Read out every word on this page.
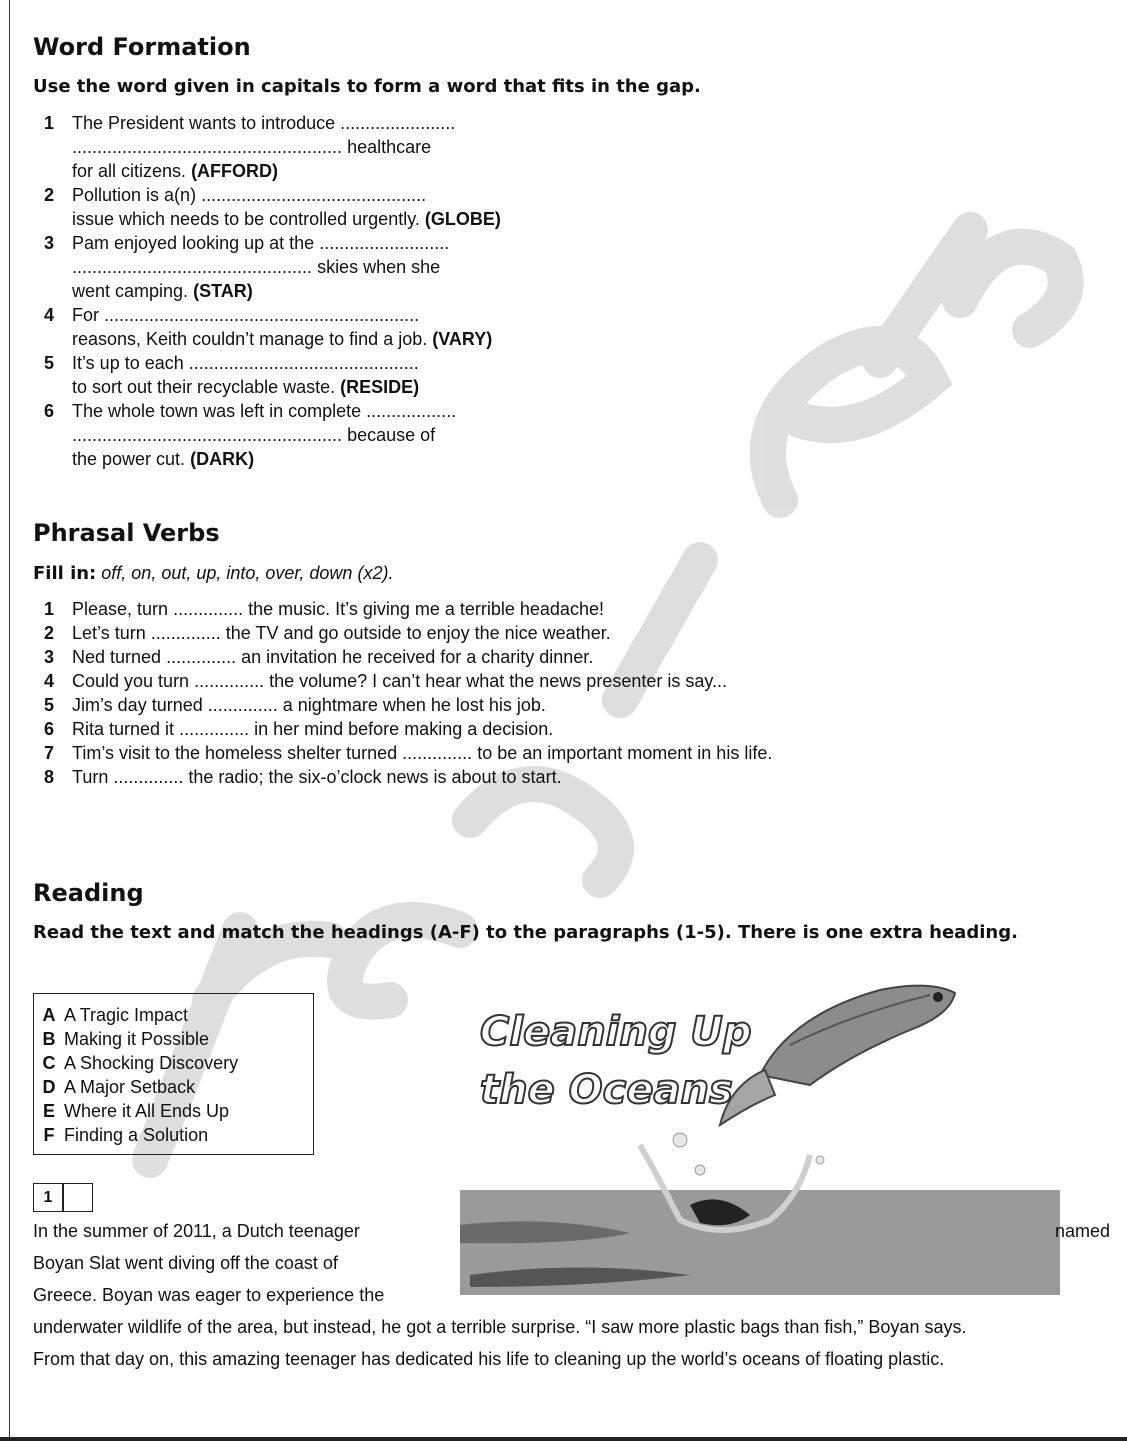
Word Formation
Use the word given in capitals to form a word that fits in the gap.
1 The President wants to introduce .......................
...................................................... healthcare
for all citizens. (AFFORD)
2 Pollution is a(n) .............................................
issue which needs to be controlled urgently. (GLOBE)
3 Pam enjoyed looking up at the ..........................
................................................ skies when she
went camping. (STAR)
4 For ...............................................................
reasons, Keith couldn’t manage to find a job. (VARY)
5 It’s up to each ..............................................
to sort out their recyclable waste. (RESIDE)
6 The whole town was left in complete ..................
...................................................... because of
the power cut. (DARK)
Phrasal Verbs
Fill in: off, on, out, up, into, over, down (x2).
1 Please, turn .............. the music. It’s giving me a terrible headache!
2 Let’s turn .............. the TV and go outside to enjoy the nice weather.
3 Ned turned .............. an invitation he received for a charity dinner.
4 Could you turn .............. the volume? I can’t hear what the news presenter is say...
5 Jim’s day turned .............. a nightmare when he lost his job.
6 Rita turned it .............. in her mind before making a decision.
7 Tim’s visit to the homeless shelter turned .............. to be an important moment in his life.
8 Turn .............. the radio; the six-o’clock news is about to start.
Reading
Read the text and match the headings (A-F) to the paragraphs (1-5). There is one extra heading.
A A Tragic Impact
B Making it Possible
C A Shocking Discovery
D A Major Setback
E Where it All Ends Up
F Finding a Solution
Cleaning Up
the Oceans
1
In the summer of 2011, a Dutch teenager	named
Boyan Slat went diving off the coast of
Greece. Boyan was eager to experience the
underwater wildlife of the area, but instead, he got a terrible surprise. “I saw more plastic bags than fish,” Boyan says.
From that day on, this amazing teenager has dedicated his life to cleaning up the world’s oceans of floating plastic.
